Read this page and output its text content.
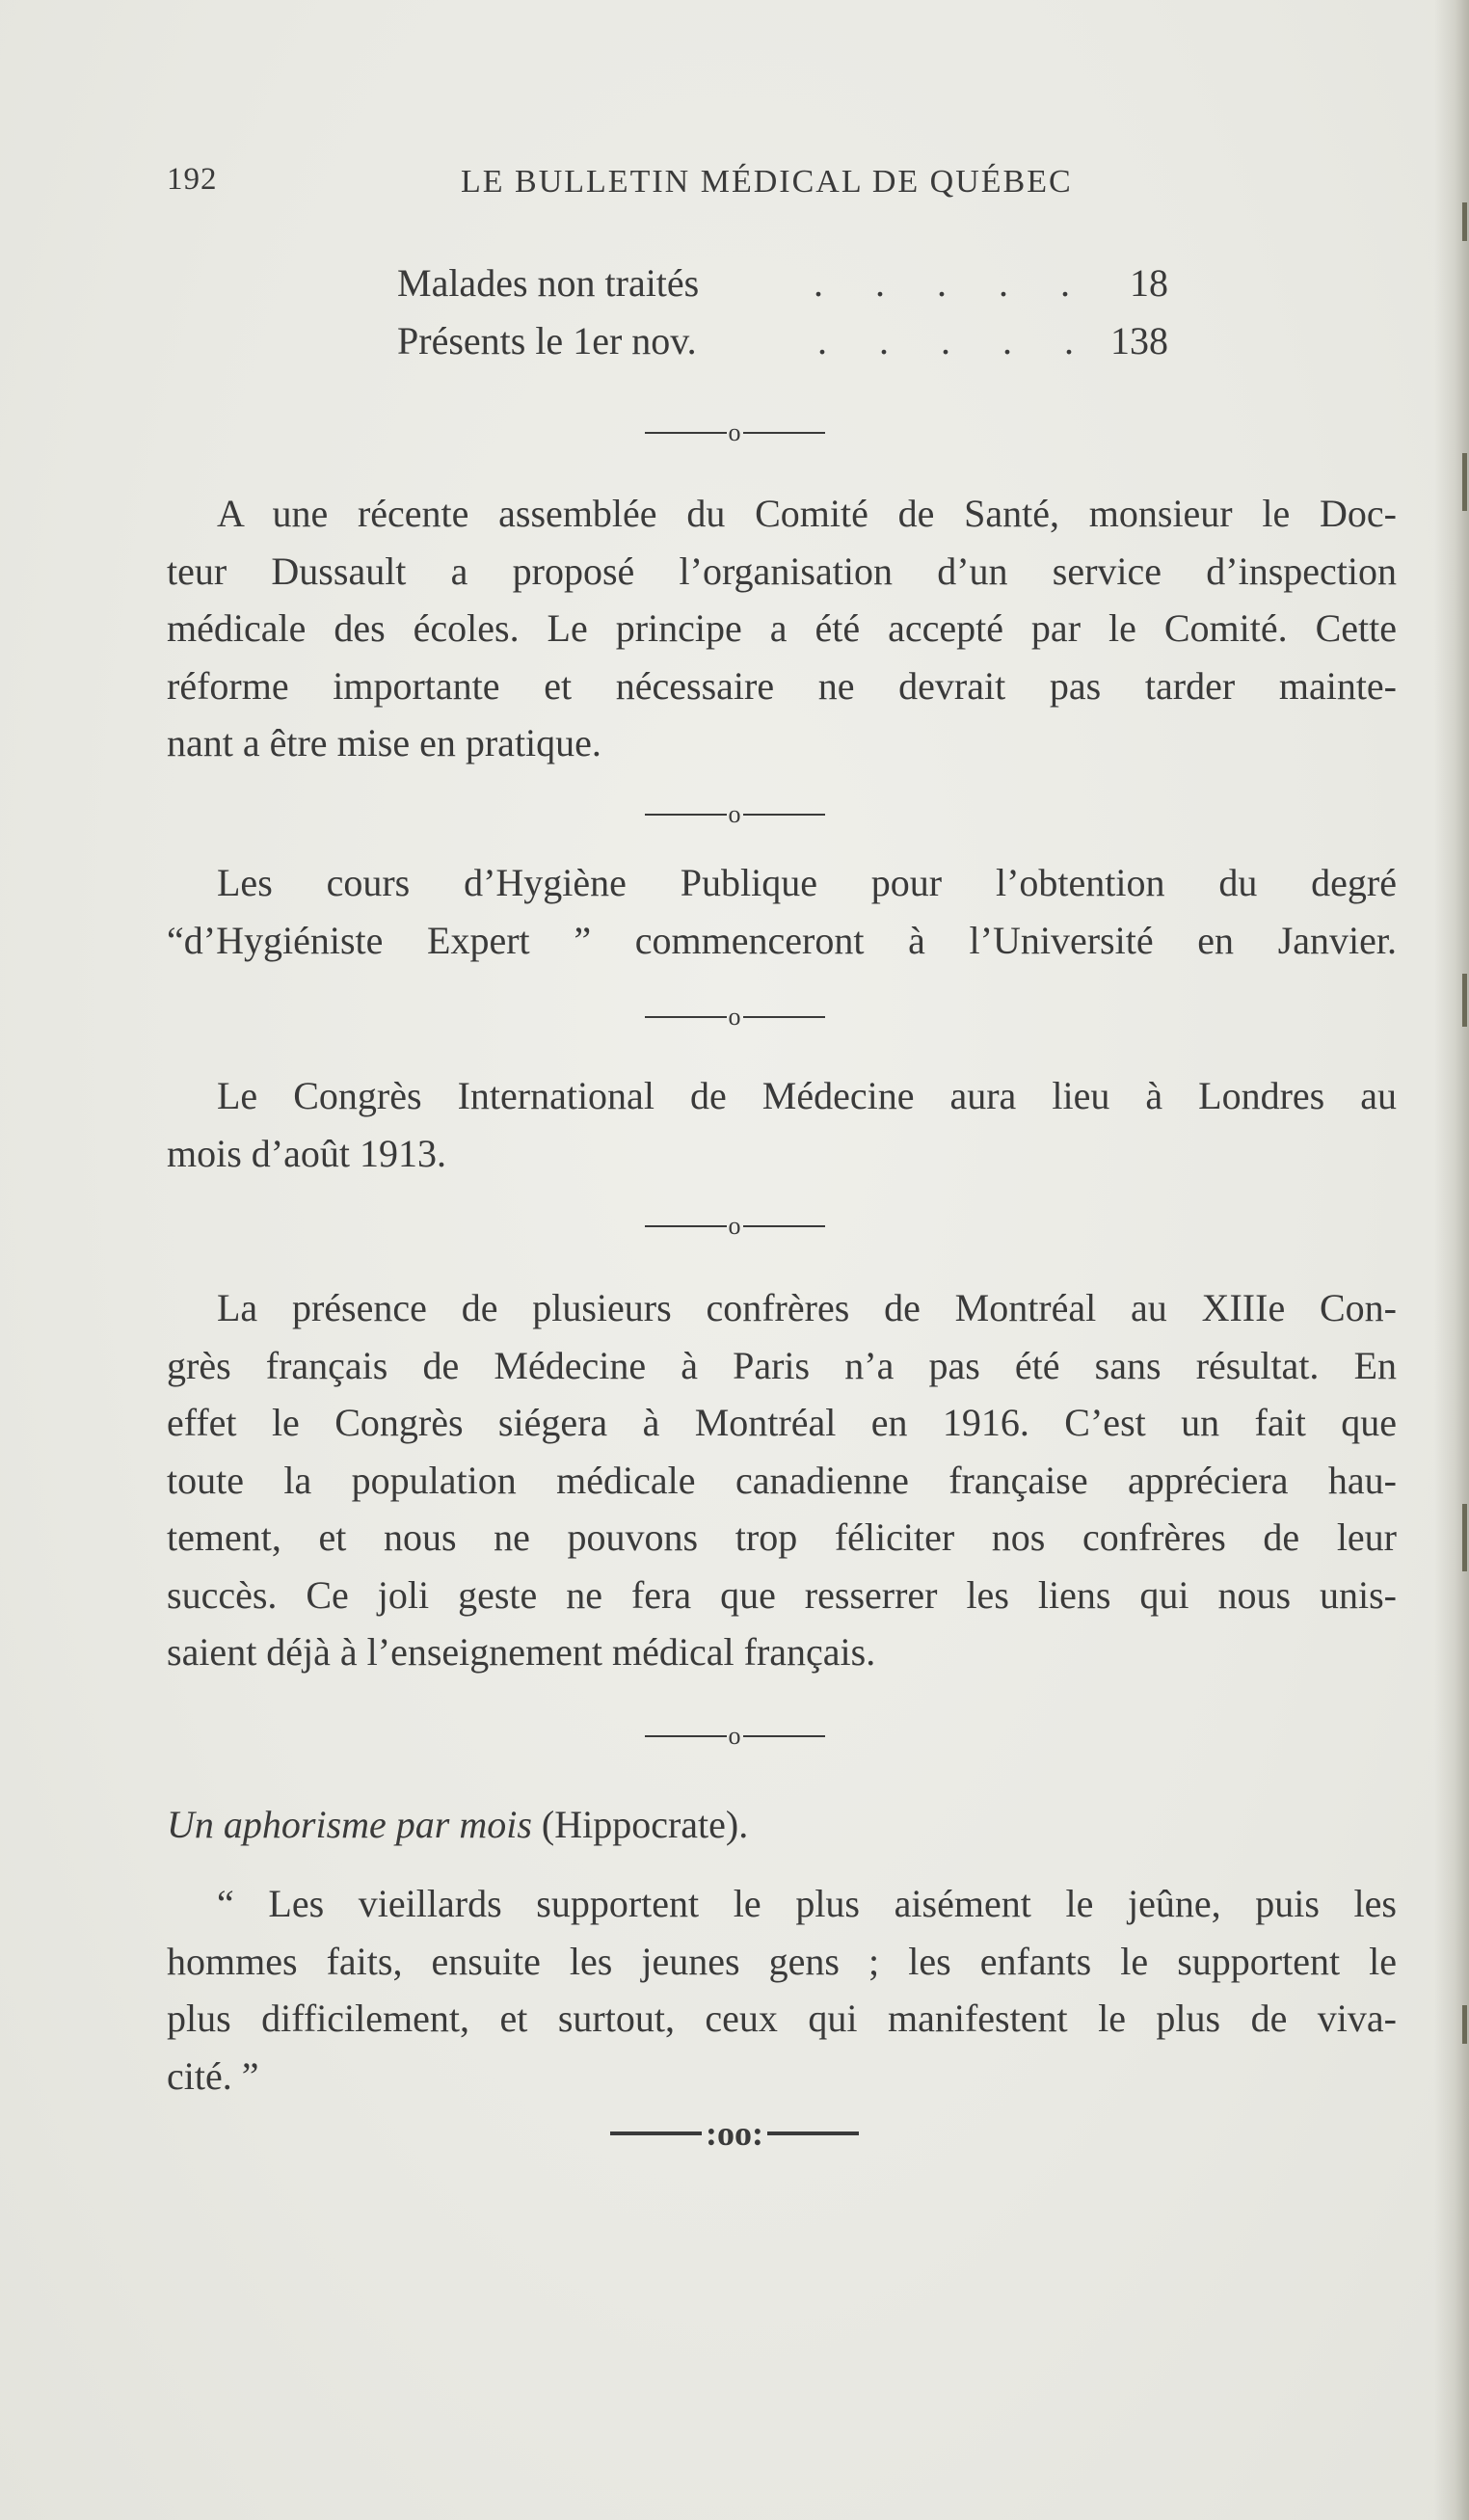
192	LE BULLETIN MÉDICAL DE QUÉBEC
Malades non traités	. . . . .	18
Présents le 1er nov.	. . . . . 138
o
A une récente assemblée du Comité de Santé, monsieur le Doc-
teur Dussault a proposé l’organisation d’un service d’inspection
médicale des écoles. Le principe a été accepté par le Comité. Cette
réforme importante et nécessaire ne devrait pas tarder mainte-
nant a être mise en pratique.
o
Les cours d’Hygiène Publique pour l’obtention du degré
“d’Hygiéniste Expert ” commenceront à l’Université en Janvier.
o
Le Congrès International de Médecine aura lieu à Londres au
mois d’août 1913.
o
La présence de plusieurs confrères de Montréal au XIIIe Con-
grès français de Médecine à Paris n’a pas été sans résultat. En
effet le Congrès siégera à Montréal en 1916. C’est un fait que
toute la population médicale canadienne française appréciera hau-
tement, et nous ne pouvons trop féliciter nos confrères de leur
succès. Ce joli geste ne fera que resserrer les liens qui nous unis-
saient déjà à l’enseignement médical français.
o
Un aphorisme par mois (Hippocrate).
“ Les vieillards supportent le plus aisément le jeûne, puis les
hommes faits, ensuite les jeunes gens ; les enfants le supportent le
plus difficilement, et surtout, ceux qui manifestent le plus de viva-
cité. ”
:oo:
